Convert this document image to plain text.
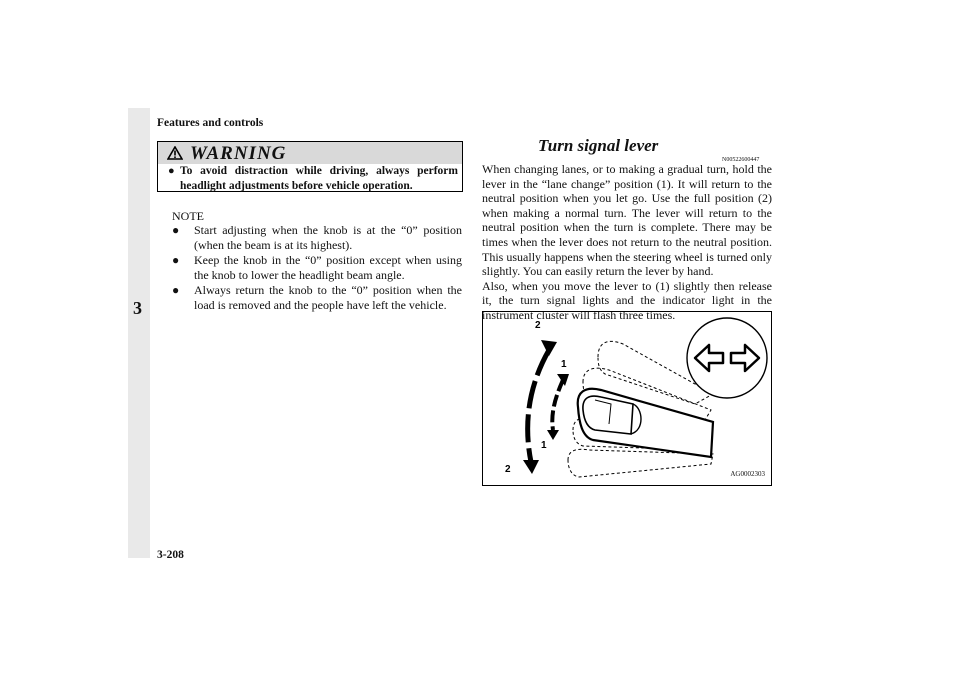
3
Features and controls
WARNING
● To avoid distraction while driving, always perform headlight adjustments before vehicle operation.
NOTE
● Start adjusting when the knob is at the “0” position (when the beam is at its highest).
● Keep the knob in the “0” position except when using the knob to lower the headlight beam angle.
● Always return the knob to the “0” position when the load is removed and the people have left the vehicle.
Turn signal lever
N00522600447

When changing lanes, or to making a gradual turn, hold the lever in the “lane change” position (1). It will return to the neutral position when you let go. Use the full position (2) when making a normal turn. The lever will return to the neutral position when the turn is complete. There may be times when the lever does not return to the neutral position. This usually happens when the steering wheel is turned only slightly. You can easily return the lever by hand.

Also, when you move the lever to (1) slightly then release it, the turn signal lights and the indicator light in the instrument cluster will flash three times.

2
1
1
2	AG0002303
3-208
